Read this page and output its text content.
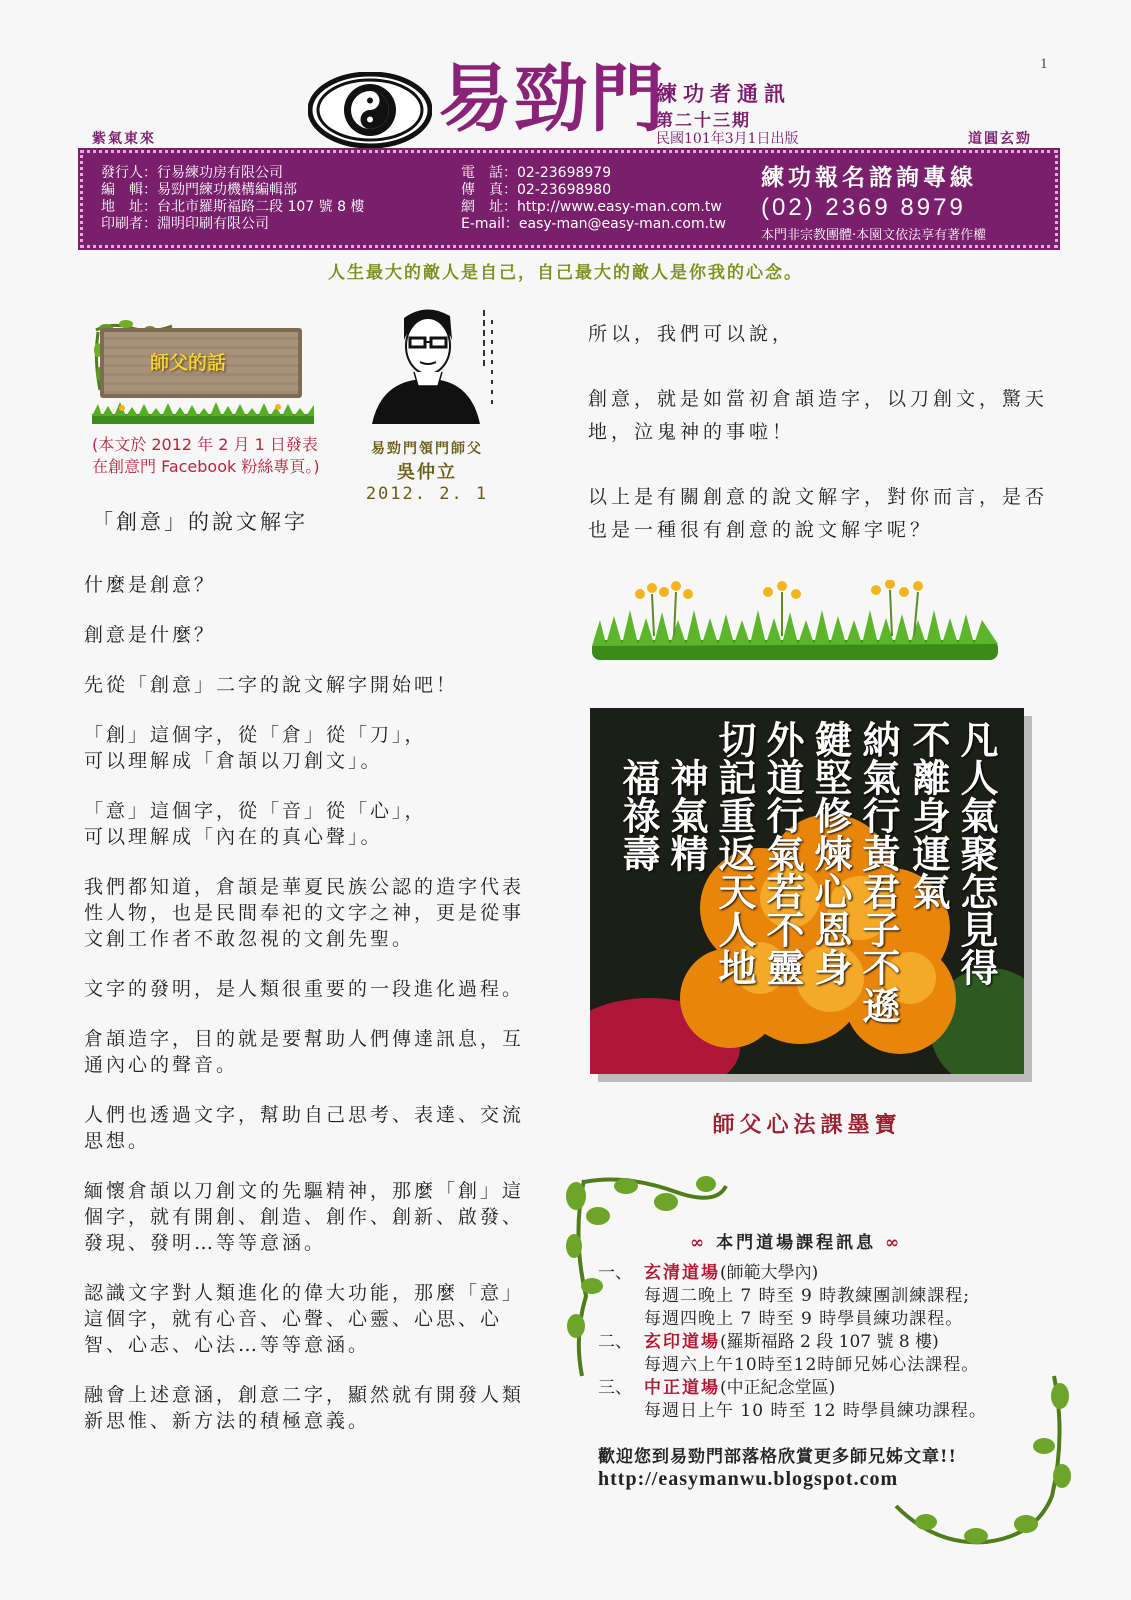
1
易勁門
練功者通訊
第二十三期
民國101年3月1日出版
紫氣東來	道圓玄勁
發行人：行易練功房有限公司
編　輯：易勁門練功機構編輯部
地　址：台北市羅斯福路二段 107 號 8 樓
印刷者：淵明印刷有限公司
電　話：02-23698979
傳　真：02-23698980
網　址：http://www.easy-man.com.tw
E-mail：easy-man@easy-man.com.tw
練功報名諮詢專線
(02) 2369 8979
本門非宗教團體‧本園文依法享有著作權
人生最大的敵人是自己，自己最大的敵人是你我的心念。
師父的話
(本文於 2012 年 2 月 1 日發表在創意門 Facebook 粉絲專頁。)
易勁門領門師父
吳仲立
2012. 2. 1
「創意」的說文解字

什麼是創意？

創意是什麼？

先從「創意」二字的說文解字開始吧！

「創」這個字，從「倉」從「刀」，
可以理解成「倉頡以刀創文」。

「意」這個字，從「音」從「心」，
可以理解成「內在的真心聲」。

我們都知道，倉頡是華夏民族公認的造字代表性人物，也是民間奉祀的文字之神，更是從事文創工作者不敢忽視的文創先聖。

文字的發明，是人類很重要的一段進化過程。

倉頡造字，目的就是要幫助人們傳達訊息，互通內心的聲音。

人們也透過文字，幫助自己思考、表達、交流思想。

緬懷倉頡以刀創文的先驅精神，那麼「創」這個字，就有開創、創造、創作、創新、啟發、發現、發明…等等意涵。

認識文字對人類進化的偉大功能，那麼「意」這個字，就有心音、心聲、心靈、心思、心智、心志、心法…等等意涵。

融會上述意涵，創意二字，顯然就有開發人類新思惟、新方法的積極意義。

所以，我們可以說，

創意，就是如當初倉頡造字，以刀創文，驚天地，泣鬼神的事啦！

以上是有關創意的說文解字，對你而言，是否也是一種很有創意的說文解字呢？

凡人氣聚怎見得
不離身運氣
納氣行黃君子不遜
鍵堅修煉心恩身
外道行氣若不靈
切記重返天人地
神氣精
福祿壽
師父心法課墨寶
∞ 本門道場課程訊息 ∞
一、 玄清道場(師範大學內)
每週二晚上 7 時至 9 時教練團訓練課程;
每週四晚上 7 時至 9 時學員練功課程。
二、 玄印道場(羅斯福路 2 段 107 號 8 樓)
每週六上午10時至12時師兄姊心法課程。
三、 中正道場(中正紀念堂區)
每週日上午 10 時至 12 時學員練功課程。
歡迎您到易勁門部落格欣賞更多師兄姊文章!!
http://easymanwu.blogspot.com
